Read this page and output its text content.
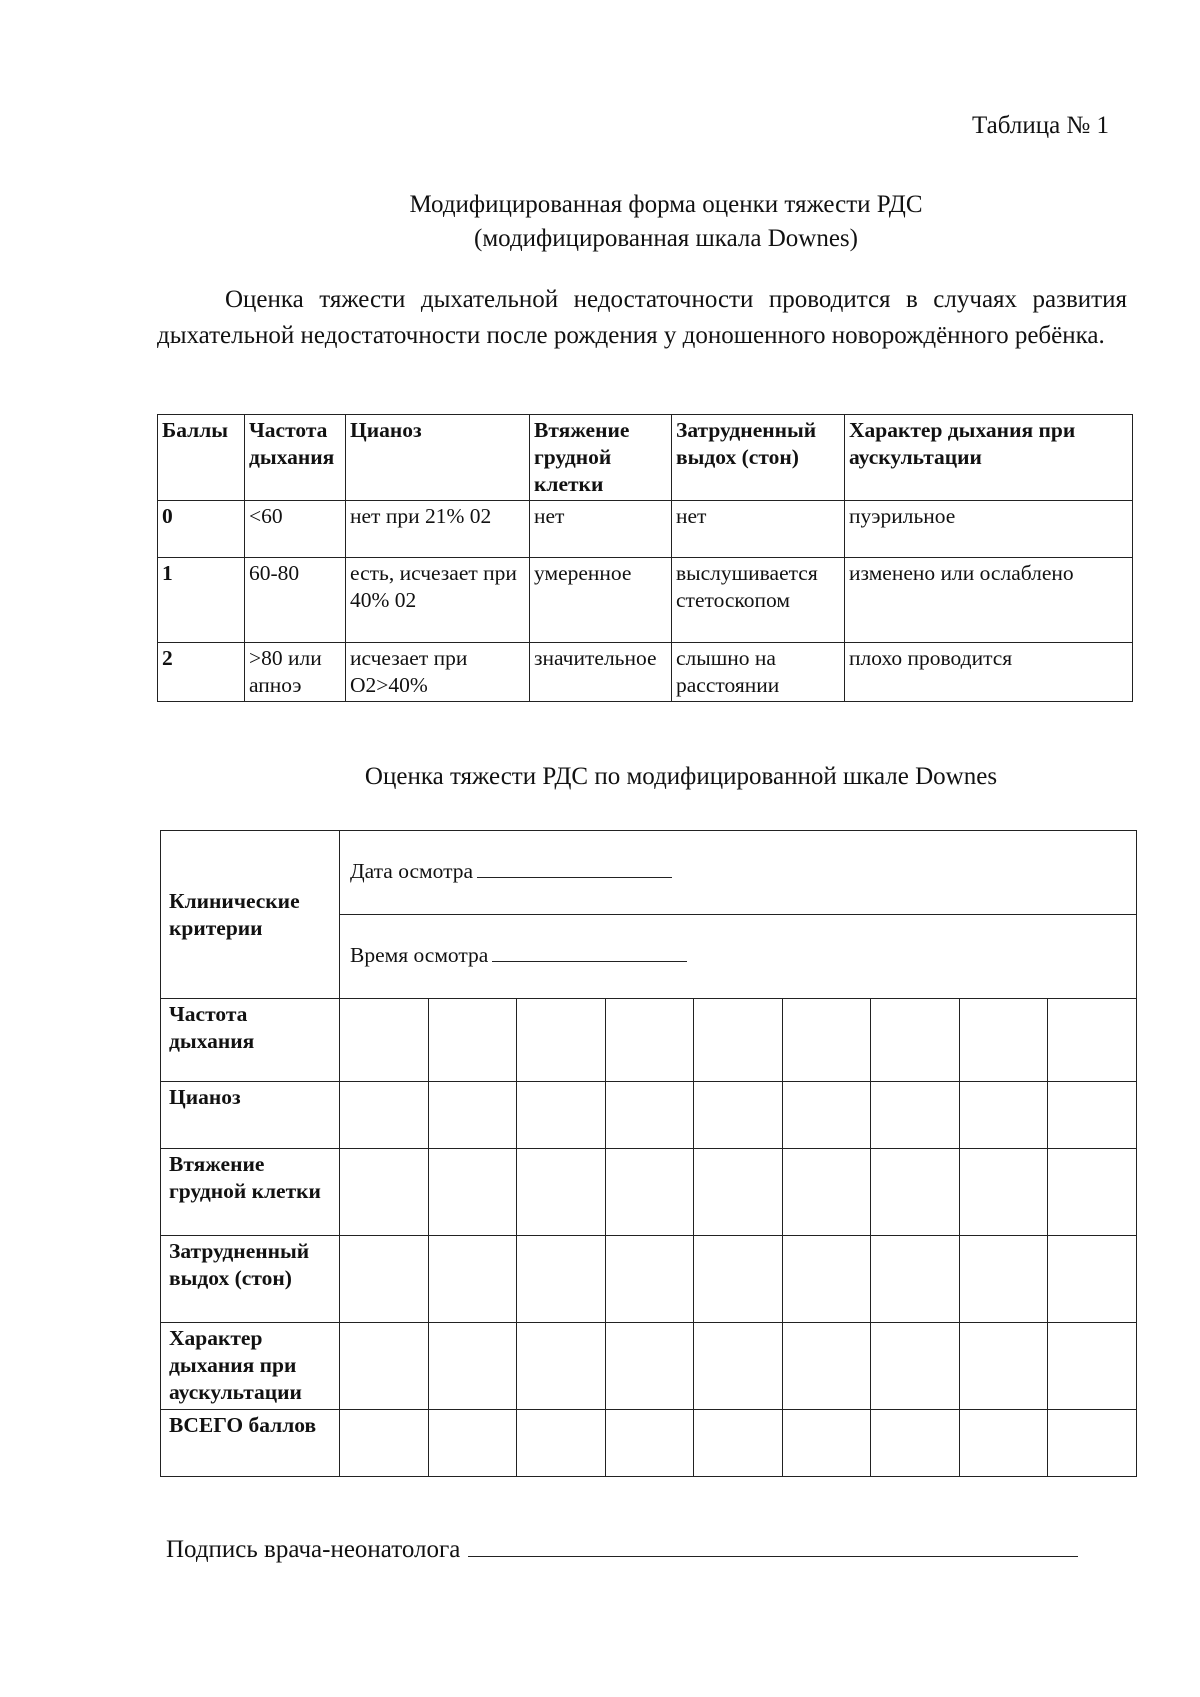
Таблица № 1
Модифицированная форма оценки тяжести РДС
(модифицированная шкала Downes)
Оценка тяжести дыхательной недостаточности проводится в случаях развития дыхательной недостаточности после рождения у доношенного новорождённого ребёнка.
Баллы	Частота дыхания	Цианоз	Втяжение грудной клетки	Затрудненный выдох (стон)	Характер дыхания при аускультации
0	<60	нет при 21% 02	нет	нет	пуэрильное
1	60-80	есть, исчезает при 40% 02	умеренное	выслушивается стетоскопом	изменено или ослаблено
2	>80 или апноэ	исчезает при О2>40%	значительное	слышно на расстоянии	плохо проводится
Оценка тяжести РДС по модифицированной шкале Downes
Клинические критерии	Дата осмотра
Время осмотра								

Частота дыхания									
Цианоз									
Втяжение грудной клетки									
Затрудненный выдох (стон)									
Характер дыхания при аускультации									
ВСЕГО баллов									
Подпись врача-неонатолога
